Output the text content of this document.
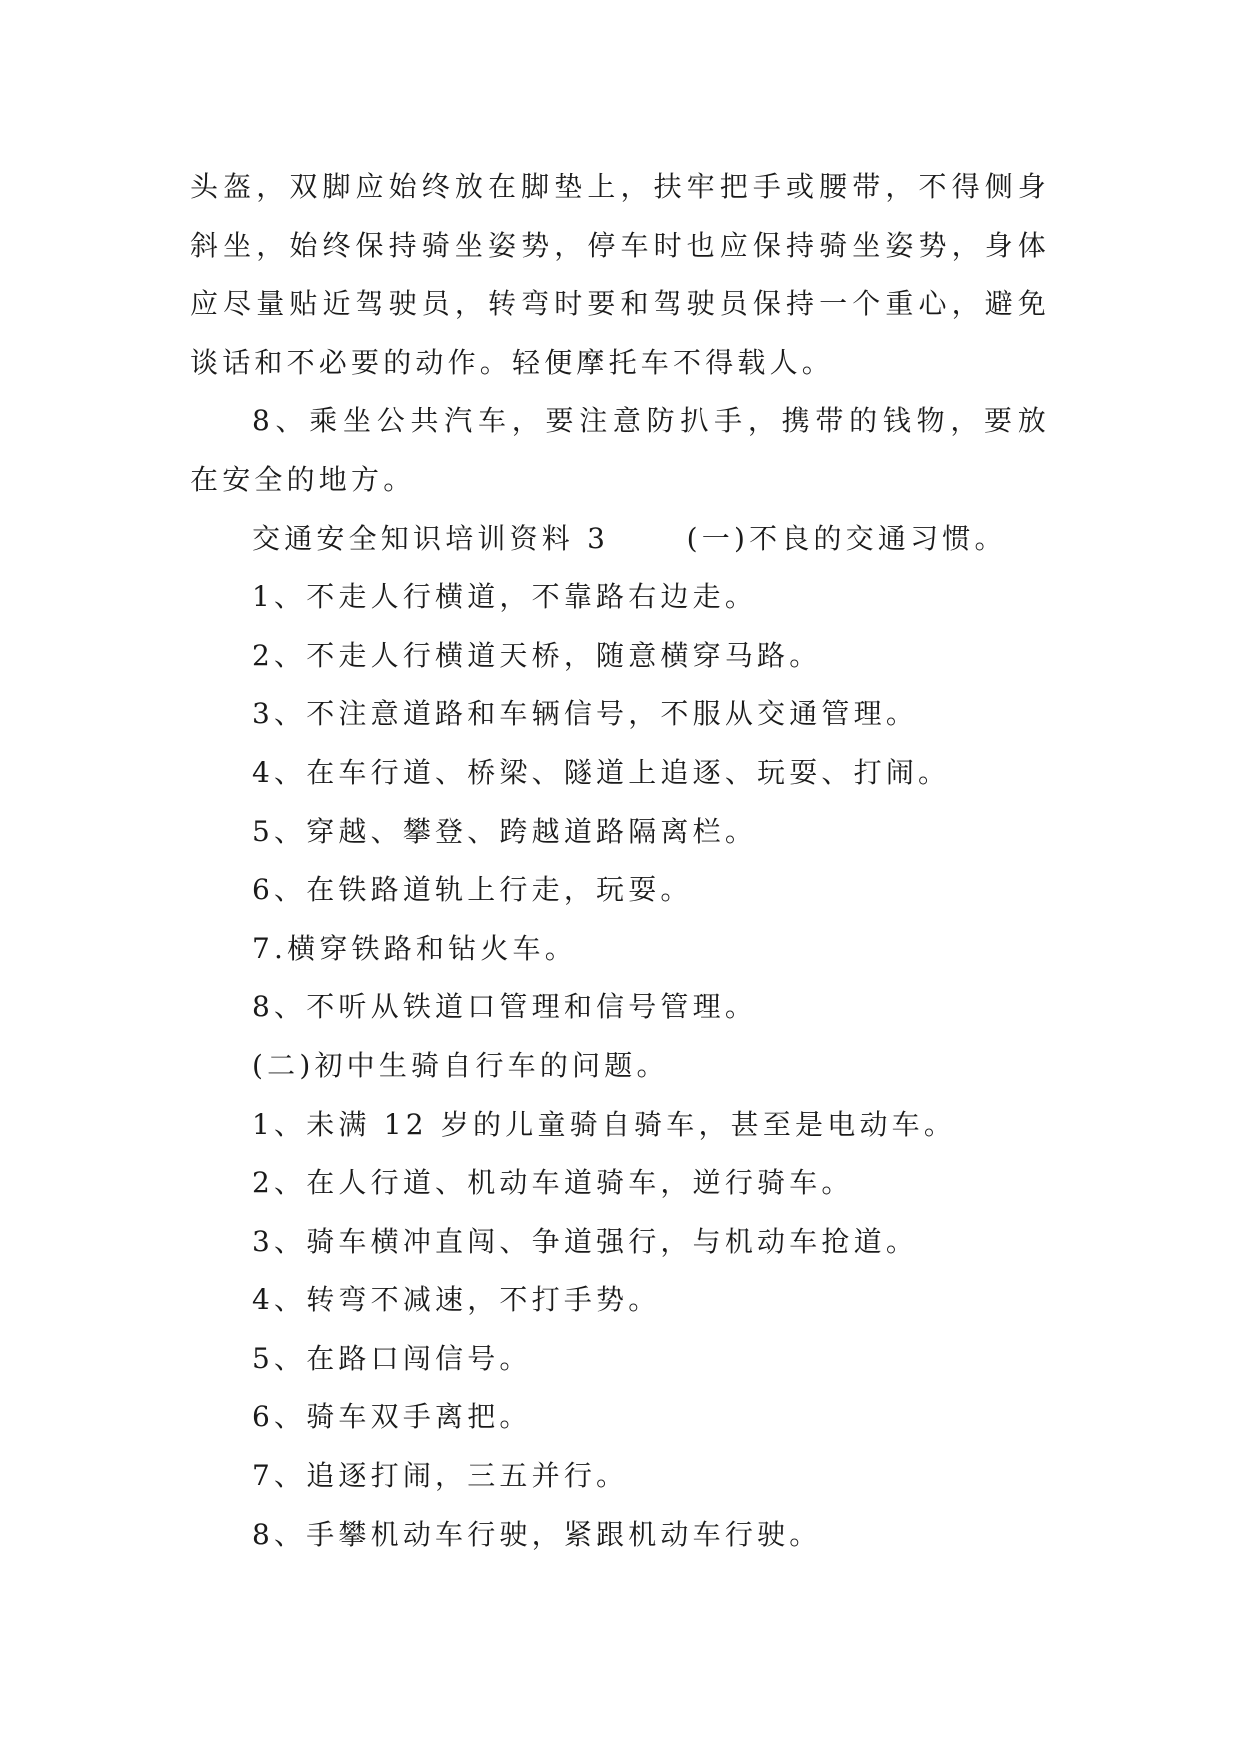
头盔，双脚应始终放在脚垫上，扶牢把手或腰带，不得侧身

斜坐，始终保持骑坐姿势，停车时也应保持骑坐姿势，身体

应尽量贴近驾驶员，转弯时要和驾驶员保持一个重心，避免

谈话和不必要的动作。轻便摩托车不得载人。

8、乘坐公共汽车，要注意防扒手，携带的钱物，要放

在安全的地方。

交通安全知识培训资料 3　　 (一)不良的交通习惯。

1、不走人行横道，不靠路右边走。

2、不走人行横道天桥，随意横穿马路。

3、不注意道路和车辆信号，不服从交通管理。

4、在车行道、桥梁、隧道上追逐、玩耍、打闹。

5、穿越、攀登、跨越道路隔离栏。

6、在铁路道轨上行走，玩耍。

7.横穿铁路和钻火车。

8、不听从铁道口管理和信号管理。

(二)初中生骑自行车的问题。

1、未满 12 岁的儿童骑自骑车，甚至是电动车。

2、在人行道、机动车道骑车，逆行骑车。

3、骑车横冲直闯、争道强行，与机动车抢道。

4、转弯不减速，不打手势。

5、在路口闯信号。

6、骑车双手离把。

7、追逐打闹，三五并行。

8、手攀机动车行驶，紧跟机动车行驶。
